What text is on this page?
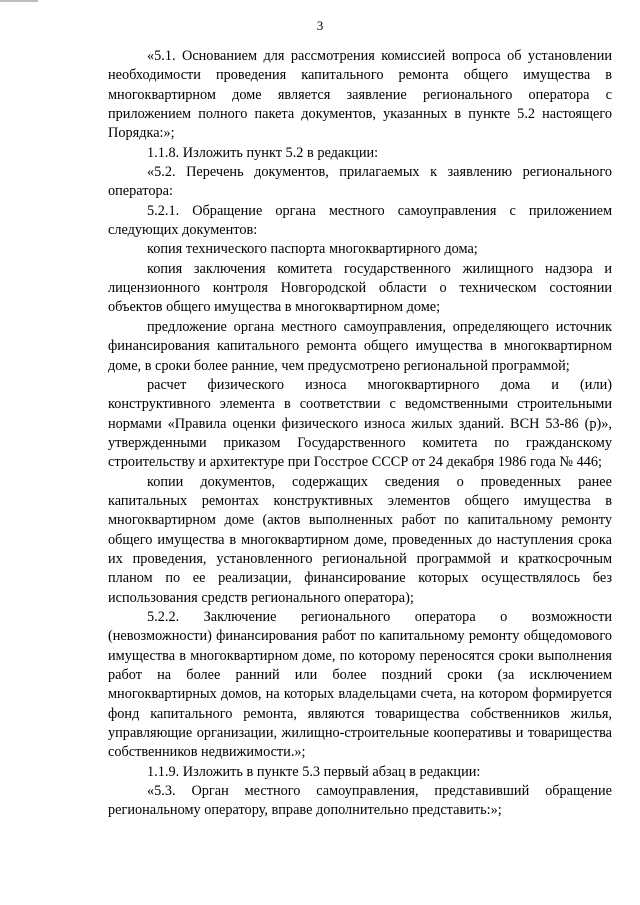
3

«5.1. Основанием для рассмотрения комиссией вопроса об установлении необходимости проведения капитального ремонта общего имущества в многоквартирном доме является заявление регионального оператора с приложением полного пакета документов, указанных в пункте 5.2 настоящего Порядка:»;

1.1.8. Изложить пункт 5.2 в редакции:

«5.2. Перечень документов, прилагаемых к заявлению регионального оператора:

5.2.1. Обращение органа местного самоуправления с приложением следующих документов:

копия технического паспорта многоквартирного дома;

копия заключения комитета государственного жилищного надзора и лицензионного контроля Новгородской области о техническом состоянии объектов общего имущества в многоквартирном доме;

предложение органа местного самоуправления, определяющего источник финансирования капитального ремонта общего имущества в многоквартирном доме, в сроки более ранние, чем предусмотрено региональной программой;

расчет физического износа многоквартирного дома и (или) конструктивного элемента в соответствии с ведомственными строительными нормами «Правила оценки физического износа жилых зданий. ВСН 53-86 (р)», утвержденными приказом Государственного комитета по гражданскому строительству и архитектуре при Госстрое СССР от 24 декабря 1986 года № 446;

копии документов, содержащих сведения о проведенных ранее капитальных ремонтах конструктивных элементов общего имущества в многоквартирном доме (актов выполненных работ по капитальному ремонту общего имущества в многоквартирном доме, проведенных до наступления срока их проведения, установленного региональной программой и краткосрочным планом по ее реализации, финансирование которых осуществлялось без использования средств регионального оператора);

5.2.2. Заключение регионального оператора о возможности (невозможности) финансирования работ по капитальному ремонту общедомового имущества в многоквартирном доме, по которому переносятся сроки выполнения работ на более ранний или более поздний сроки (за исключением многоквартирных домов, на которых владельцами счета, на котором формируется фонд капитального ремонта, являются товарищества собственников жилья, управляющие организации, жилищно-строительные кооперативы и товарищества собственников недвижимости.»;

1.1.9. Изложить в пункте 5.3 первый абзац в редакции:

«5.3. Орган местного самоуправления, представивший обращение региональному оператору, вправе дополнительно представить:»;
